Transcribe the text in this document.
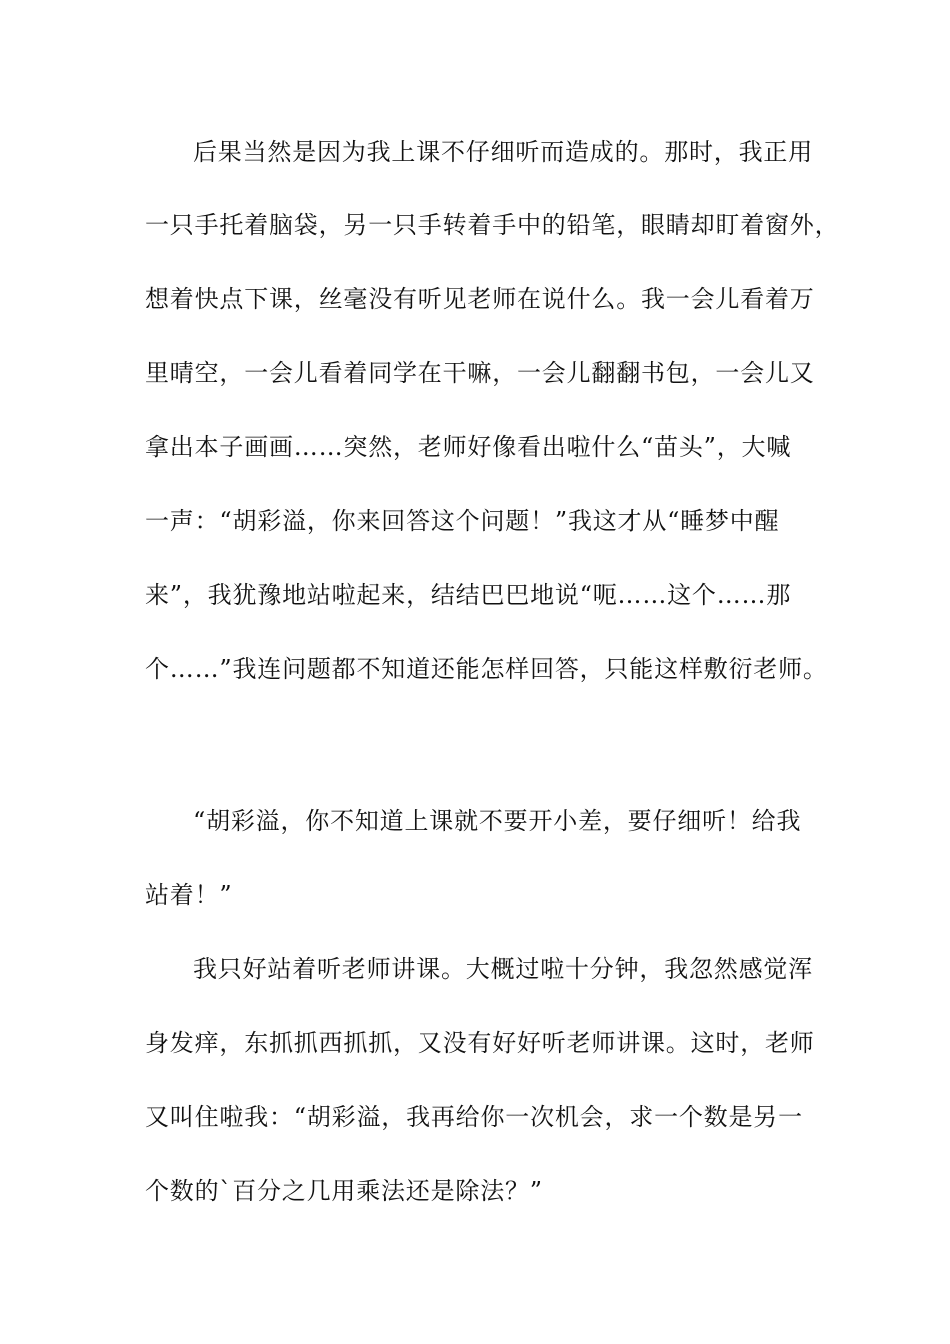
后果当然是因为我上课不仔细听而造成的。那时，我正用
一只手托着脑袋，另一只手转着手中的铅笔，眼睛却盯着窗外，
想着快点下课，丝毫没有听见老师在说什么。我一会儿看着万
里晴空，一会儿看着同学在干嘛，一会儿翻翻书包，一会儿又
拿出本子画画……突然，老师好像看出啦什么“苗头”，大喊
一声：“胡彩溢，你来回答这个问题！”我这才从“睡梦中醒
来”，我犹豫地站啦起来，结结巴巴地说“呃……这个……那
个……”我连问题都不知道还能怎样回答，只能这样敷衍老师。
“胡彩溢，你不知道上课就不要开小差，要仔细听！给我
站着！”
我只好站着听老师讲课。大概过啦十分钟，我忽然感觉浑
身发痒，东抓抓西抓抓，又没有好好听老师讲课。这时，老师
又叫住啦我：“胡彩溢，我再给你一次机会，求一个数是另一
个数的`百分之几用乘法还是除法？”
